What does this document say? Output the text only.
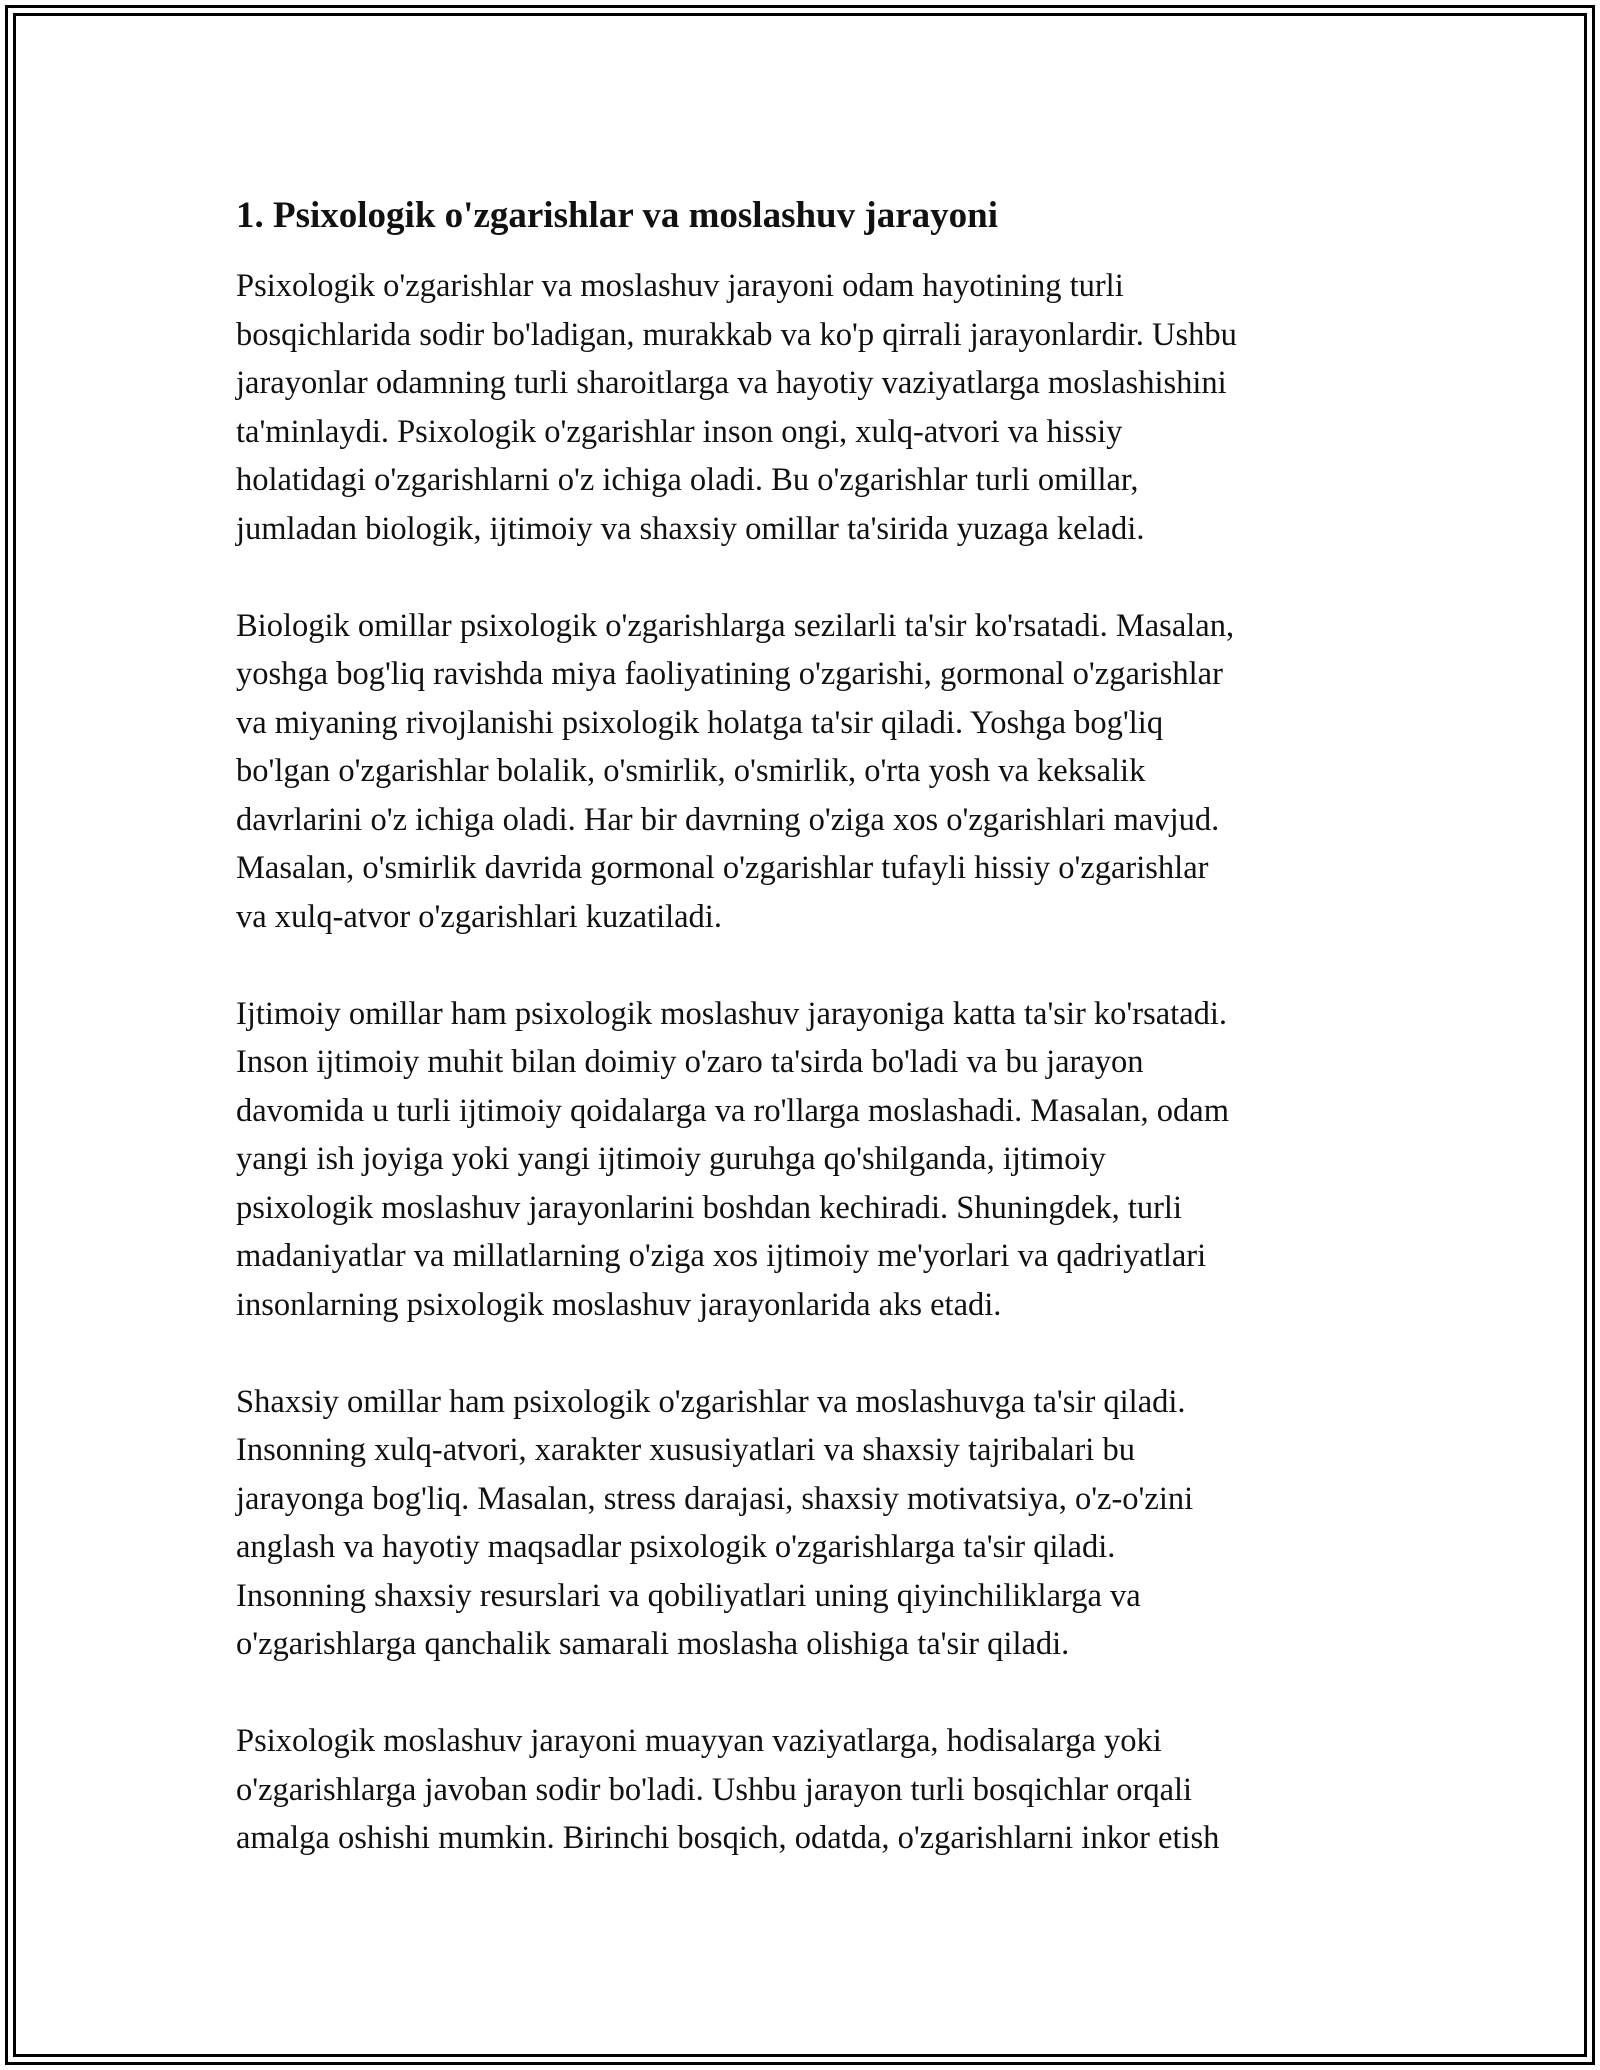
1. Psixologik o'zgarishlar va moslashuv jarayoni

Psixologik o'zgarishlar va moslashuv jarayoni odam hayotining turli
bosqichlarida sodir bo'ladigan, murakkab va ko'p qirrali jarayonlardir. Ushbu
jarayonlar odamning turli sharoitlarga va hayotiy vaziyatlarga moslashishini
ta'minlaydi. Psixologik o'zgarishlar inson ongi, xulq-atvori va hissiy
holatidagi o'zgarishlarni o'z ichiga oladi. Bu o'zgarishlar turli omillar,
jumladan biologik, ijtimoiy va shaxsiy omillar ta'sirida yuzaga keladi.

Biologik omillar psixologik o'zgarishlarga sezilarli ta'sir ko'rsatadi. Masalan,
yoshga bog'liq ravishda miya faoliyatining o'zgarishi, gormonal o'zgarishlar
va miyaning rivojlanishi psixologik holatga ta'sir qiladi. Yoshga bog'liq
bo'lgan o'zgarishlar bolalik, o'smirlik, o'smirlik, o'rta yosh va keksalik
davrlarini o'z ichiga oladi. Har bir davrning o'ziga xos o'zgarishlari mavjud.
Masalan, o'smirlik davrida gormonal o'zgarishlar tufayli hissiy o'zgarishlar
va xulq-atvor o'zgarishlari kuzatiladi.

Ijtimoiy omillar ham psixologik moslashuv jarayoniga katta ta'sir ko'rsatadi.
Inson ijtimoiy muhit bilan doimiy o'zaro ta'sirda bo'ladi va bu jarayon
davomida u turli ijtimoiy qoidalarga va ro'llarga moslashadi. Masalan, odam
yangi ish joyiga yoki yangi ijtimoiy guruhga qo'shilganda, ijtimoiy
psixologik moslashuv jarayonlarini boshdan kechiradi. Shuningdek, turli
madaniyatlar va millatlarning o'ziga xos ijtimoiy me'yorlari va qadriyatlari
insonlarning psixologik moslashuv jarayonlarida aks etadi.

Shaxsiy omillar ham psixologik o'zgarishlar va moslashuvga ta'sir qiladi.
Insonning xulq-atvori, xarakter xususiyatlari va shaxsiy tajribalari bu
jarayonga bog'liq. Masalan, stress darajasi, shaxsiy motivatsiya, o'z-o'zini
anglash va hayotiy maqsadlar psixologik o'zgarishlarga ta'sir qiladi.
Insonning shaxsiy resurslari va qobiliyatlari uning qiyinchiliklarga va
o'zgarishlarga qanchalik samarali moslasha olishiga ta'sir qiladi.

Psixologik moslashuv jarayoni muayyan vaziyatlarga, hodisalarga yoki
o'zgarishlarga javoban sodir bo'ladi. Ushbu jarayon turli bosqichlar orqali
amalga oshishi mumkin. Birinchi bosqich, odatda, o'zgarishlarni inkor etish
